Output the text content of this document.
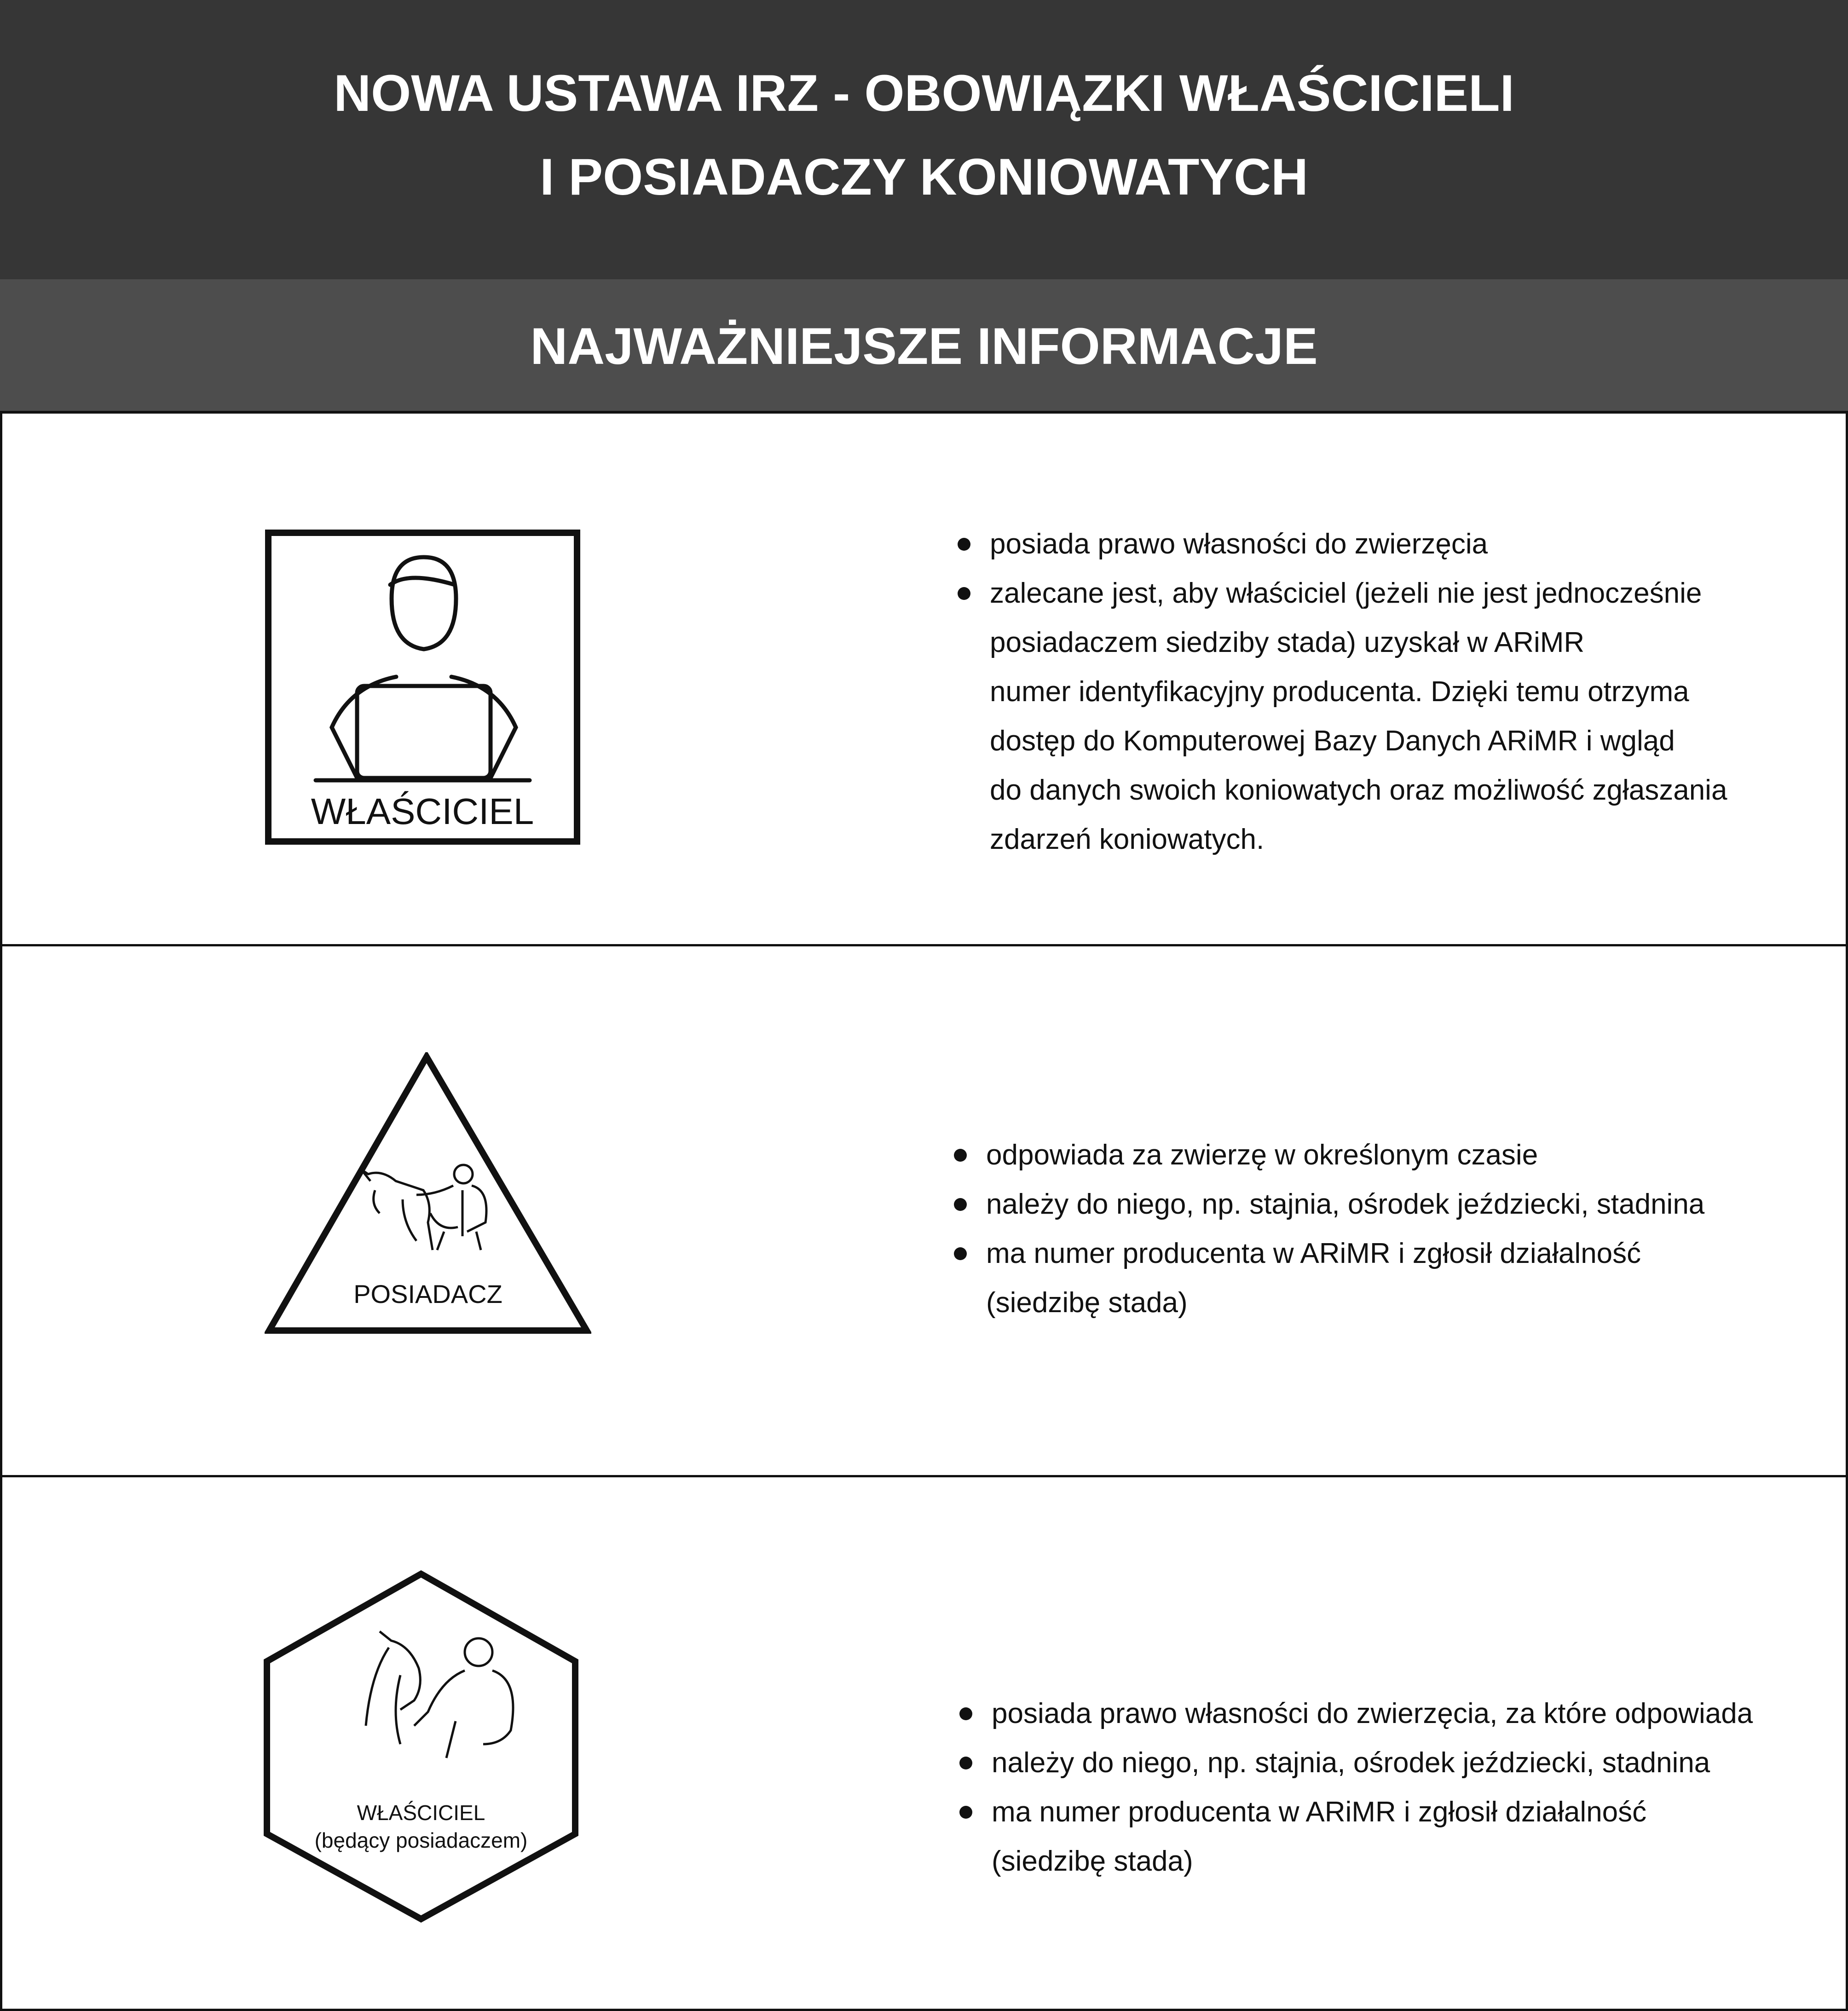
NOWA USTAWA IRZ - OBOWIĄZKI WŁAŚCICIELI
I POSIADACZY KONIOWATYCH
NAJWAŻNIEJSZE INFORMACJE
WŁAŚCICIEL
posiada prawo własności do zwierzęcia
zalecane jest, aby właściciel (jeżeli nie jest jednocześnie
posiadaczem siedziby stada) uzyskał w ARiMR
numer identyfikacyjny producenta. Dzięki temu otrzyma
dostęp do Komputerowej Bazy Danych ARiMR i wgląd
do danych swoich koniowatych oraz możliwość zgłaszania
zdarzeń koniowatych.
POSIADACZ
odpowiada za zwierzę w określonym czasie
należy do niego, np. stajnia, ośrodek jeździecki, stadnina
ma numer producenta w ARiMR i zgłosił działalność
(siedzibę stada)
WŁAŚCICIEL
(będący posiadaczem)
posiada prawo własności do zwierzęcia, za które odpowiada
należy do niego, np. stajnia, ośrodek jeździecki, stadnina
ma numer producenta w ARiMR i zgłosił działalność
(siedzibę stada)
